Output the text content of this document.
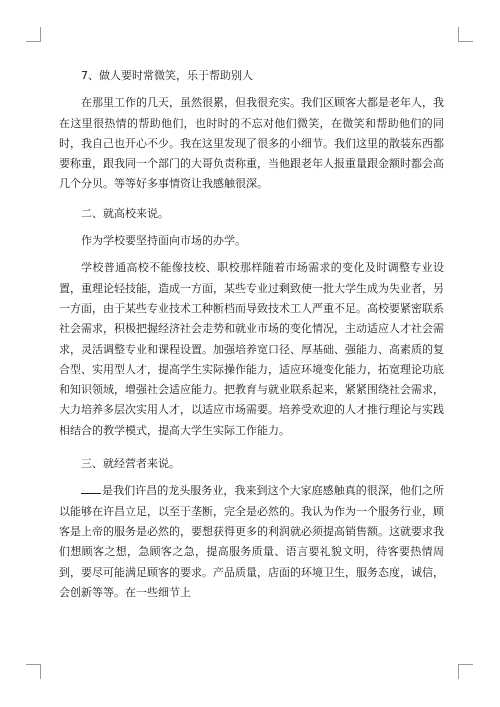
7、做人要时常微笑，乐于帮助别人

在那里工作的几天，虽然很累，但我很充实。我们区顾客大都是老年人，我在这里很热情的帮助他们，也时时的不忘对他们微笑，在微笑和帮助他们的同时，我自己也开心不少。我在这里发现了很多的小细节。我们这里的散装东西都要称重，跟我同一个部门的大哥负责称重，当他跟老年人报重量跟金额时都会高几个分贝。等等好多事情资让我感触很深。

二、就高校来说。

作为学校要坚持面向市场的办学。

学校普通高校不能像技校、职校那样随着市场需求的变化及时调整专业设置，重理论轻技能，造成一方面，某些专业过剩致使一批大学生成为失业者，另一方面，由于某些专业技术工种断档而导致技术工人严重不足。高校要紧密联系社会需求，积极把握经济社会走势和就业市场的变化情况，主动适应人才社会需求，灵活调整专业和课程设置。加强培养宽口径、厚基础、强能力、高素质的复合型、实用型人才，提高学生实际操作能力，适应环境变化能力，拓宽理论功底和知识领域，增强社会适应能力。把教育与就业联系起来，紧紧围绕社会需求，大力培养多层次实用人才，以适应市场需要。培养受欢迎的人才推行理论与实践相结合的教学模式，提高大学生实际工作能力。

三、就经营者来说。

是我们许昌的龙头服务业，我来到这个大家庭感触真的很深，他们之所以能够在许昌立足，以至于垄断，完全是必然的。我认为作为一个服务行业，顾客是上帝的服务是必然的，要想获得更多的利润就必须提高销售额。这就要求我们想顾客之想，急顾客之急，提高服务质量、语言要礼貌文明，待客要热情周到，要尽可能满足顾客的要求。产品质量，店面的环境卫生，服务态度，诚信，会创新等等。在一些细节上
